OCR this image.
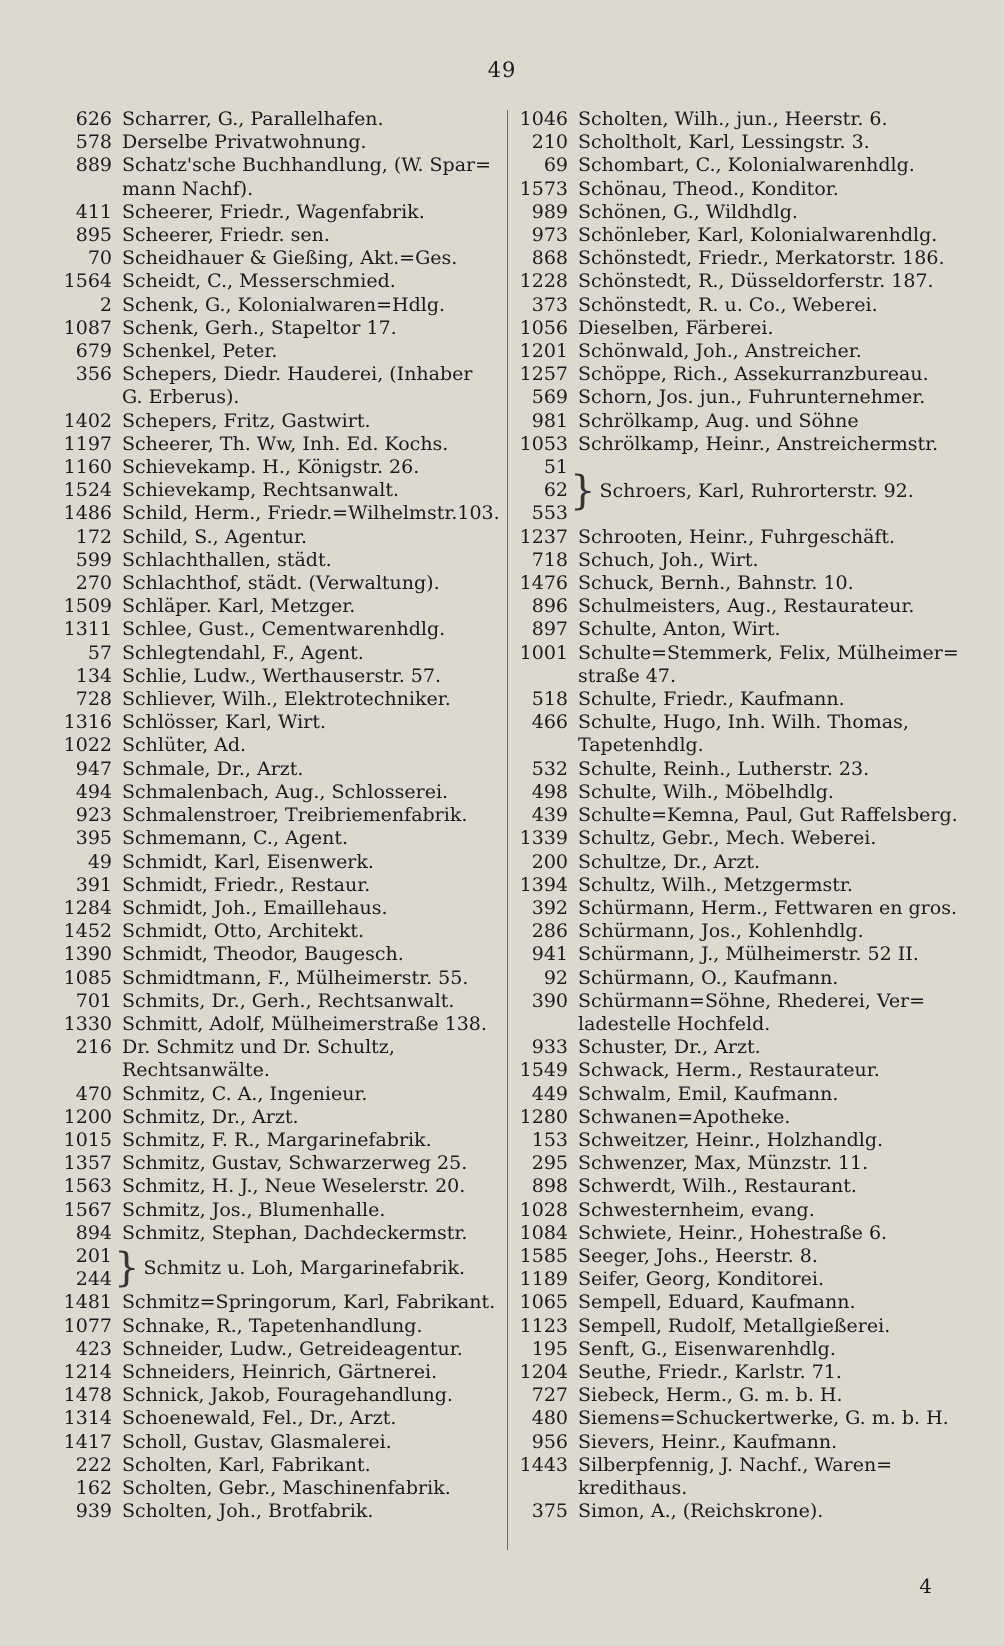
49
626 Scharrer, G., Parallelhafen.
578 Derselbe Privatwohnung.
889 Schatz'sche Buchhandlung, (W. Spar=
mann Nachf).
411 Scheerer, Friedr., Wagenfabrik.
895 Scheerer, Friedr. sen.
70 Scheidhauer & Gießing, Akt.=Ges.
1564 Scheidt, C., Messerschmied.
2 Schenk, G., Kolonialwaren=Hdlg.
1087 Schenk, Gerh., Stapeltor 17.
679 Schenkel, Peter.
356 Schepers, Diedr. Hauderei, (Inhaber
G. Erberus).
1402 Schepers, Fritz, Gastwirt.
1197 Scheerer, Th. Ww, Inh. Ed. Kochs.
1160 Schievekamp. H., Königstr. 26.
1524 Schievekamp, Rechtsanwalt.
1486 Schild, Herm., Friedr.=Wilhelmstr.103.
172 Schild, S., Agentur.
599 Schlachthallen, städt.
270 Schlachthof, städt. (Verwaltung).
1509 Schläper. Karl, Metzger.
1311 Schlee, Gust., Cementwarenhdlg.
57 Schlegtendahl, F., Agent.
134 Schlie, Ludw., Werthauserstr. 57.
728 Schliever, Wilh., Elektrotechniker.
1316 Schlösser, Karl, Wirt.
1022 Schlüter, Ad.
947 Schmale, Dr., Arzt.
494 Schmalenbach, Aug., Schlosserei.
923 Schmalenstroer, Treibriemenfabrik.
395 Schmemann, C., Agent.
49 Schmidt, Karl, Eisenwerk.
391 Schmidt, Friedr., Restaur.
1284 Schmidt, Joh., Emaillehaus.
1452 Schmidt, Otto, Architekt.
1390 Schmidt, Theodor, Baugesch.
1085 Schmidtmann, F., Mülheimerstr. 55.
701 Schmits, Dr., Gerh., Rechtsanwalt.
1330 Schmitt, Adolf, Mülheimerstraße 138.
216 Dr. Schmitz und Dr. Schultz,
Rechtsanwälte.
470 Schmitz, C. A., Ingenieur.
1200 Schmitz, Dr., Arzt.
1015 Schmitz, F. R., Margarinefabrik.
1357 Schmitz, Gustav, Schwarzerweg 25.
1563 Schmitz, H. J., Neue Weselerstr. 20.
1567 Schmitz, Jos., Blumenhalle.
894 Schmitz, Stephan, Dachdeckermstr.
201
244 } Schmitz u. Loh, Margarinefabrik.
1481 Schmitz=Springorum, Karl, Fabrikant.
1077 Schnake, R., Tapetenhandlung.
423 Schneider, Ludw., Getreideagentur.
1214 Schneiders, Heinrich, Gärtnerei.
1478 Schnick, Jakob, Fouragehandlung.
1314 Schoenewald, Fel., Dr., Arzt.
1417 Scholl, Gustav, Glasmalerei.
222 Scholten, Karl, Fabrikant.
162 Scholten, Gebr., Maschinenfabrik.
939 Scholten, Joh., Brotfabrik.
1046 Scholten, Wilh., jun., Heerstr. 6.
210 Scholtholt, Karl, Lessingstr. 3.
69 Schombart, C., Kolonialwarenhdlg.
1573 Schönau, Theod., Konditor.
989 Schönen, G., Wildhdlg.
973 Schönleber, Karl, Kolonialwarenhdlg.
868 Schönstedt, Friedr., Merkatorstr. 186.
1228 Schönstedt, R., Düsseldorferstr. 187.
373 Schönstedt, R. u. Co., Weberei.
1056 Dieselben, Färberei.
1201 Schönwald, Joh., Anstreicher.
1257 Schöppe, Rich., Assekurranzbureau.
569 Schorn, Jos. jun., Fuhrunternehmer.
981 Schrölkamp, Aug. und Söhne
1053 Schrölkamp, Heinr., Anstreichermstr.
51
62
553 } Schroers, Karl, Ruhrorterstr. 92.
1237 Schrooten, Heinr., Fuhrgeschäft.
718 Schuch, Joh., Wirt.
1476 Schuck, Bernh., Bahnstr. 10.
896 Schulmeisters, Aug., Restaurateur.
897 Schulte, Anton, Wirt.
1001 Schulte=Stemmerk, Felix, Mülheimer=
straße 47.
518 Schulte, Friedr., Kaufmann.
466 Schulte, Hugo, Inh. Wilh. Thomas,
Tapetenhdlg.
532 Schulte, Reinh., Lutherstr. 23.
498 Schulte, Wilh., Möbelhdlg.
439 Schulte=Kemna, Paul, Gut Raffelsberg.
1339 Schultz, Gebr., Mech. Weberei.
200 Schultze, Dr., Arzt.
1394 Schultz, Wilh., Metzgermstr.
392 Schürmann, Herm., Fettwaren en gros.
286 Schürmann, Jos., Kohlenhdlg.
941 Schürmann, J., Mülheimerstr. 52 II.
92 Schürmann, O., Kaufmann.
390 Schürmann=Söhne, Rhederei, Ver=
ladestelle Hochfeld.
933 Schuster, Dr., Arzt.
1549 Schwack, Herm., Restaurateur.
449 Schwalm, Emil, Kaufmann.
1280 Schwanen=Apotheke.
153 Schweitzer, Heinr., Holzhandlg.
295 Schwenzer, Max, Münzstr. 11.
898 Schwerdt, Wilh., Restaurant.
1028 Schwesternheim, evang.
1084 Schwiete, Heinr., Hohestraße 6.
1585 Seeger, Johs., Heerstr. 8.
1189 Seifer, Georg, Konditorei.
1065 Sempell, Eduard, Kaufmann.
1123 Sempell, Rudolf, Metallgießerei.
195 Senft, G., Eisenwarenhdlg.
1204 Seuthe, Friedr., Karlstr. 71.
727 Siebeck, Herm., G. m. b. H.
480 Siemens=Schuckertwerke, G. m. b. H.
956 Sievers, Heinr., Kaufmann.
1443 Silberpfennig, J. Nachf., Waren=
kredithaus.
375 Simon, A., (Reichskrone).
4
